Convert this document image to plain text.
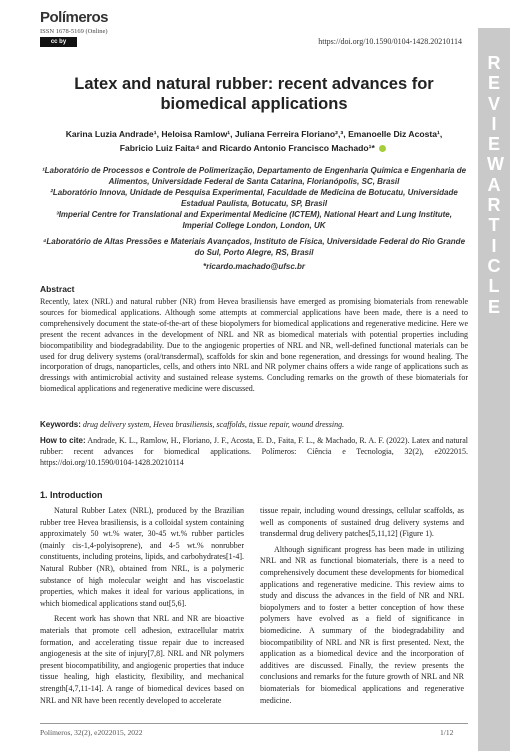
Polímeros
ISSN 1678-5169 (Online)
cc by	https://doi.org/10.1590/0104-1428.20210114
REVIEW ARTICLE
Latex and natural rubber: recent advances for biomedical applications
Karina Luzia Andrade¹, Heloisa Ramlow¹, Juliana Ferreira Floriano²,³, Emanoelle Diz Acosta¹,
Fabricio Luiz Faita⁴ and Ricardo Antonio Francisco Machado¹*
¹Laboratório de Processos e Controle de Polimerização, Departamento de Engenharia Química e Engenharia de Alimentos, Universidade Federal de Santa Catarina, Florianópolis, SC, Brasil
²Laboratório Innova, Unidade de Pesquisa Experimental, Faculdade de Medicina de Botucatu, Universidade Estadual Paulista, Botucatu, SP, Brasil
³Imperial Centre for Translational and Experimental Medicine (ICTEM), National Heart and Lung Institute, Imperial College London, London, UK
⁴Laboratório de Altas Pressões e Materiais Avançados, Instituto de Física, Universidade Federal do Rio Grande do Sul, Porto Alegre, RS, Brasil
*ricardo.machado@ufsc.br
Abstract
Recently, latex (NRL) and natural rubber (NR) from Hevea brasiliensis have emerged as promising biomaterials from renewable sources for biomedical applications. Although some attempts at commercial applications have been made, there is a need to comprehensively document the state-of-the-art of these biopolymers for biomedical applications and regenerative medicine. Here we present the recent advances in the development of NRL and NR as biomedical materials with potential properties including biocompatibility and biodegradability. Due to the angiogenic properties of NRL and NR, well-defined functional materials can be used for drug delivery systems (oral/transdermal), scaffolds for skin and bone regeneration, and dressings for wound healing. The incorporation of drugs, nanoparticles, cells, and others into NRL and NR polymer chains offers a wide range of applications such as dressings with antimicrobial activity and sustained release systems. Concluding remarks on the growth of these biomaterials for biomedical applications and regenerative medicine were discussed.
Keywords: drug delivery system, Hevea brasiliensis, scaffolds, tissue repair, wound dressing.
How to cite: Andrade, K. L., Ramlow, H., Floriano, J. F., Acosta, E. D., Faita, F. L., & Machado, R. A. F. (2022). Latex and natural rubber: recent advances for biomedical applications. Polímeros: Ciência e Tecnologia, 32(2), e2022015. https://doi.org/10.1590/0104-1428.20210114
1. Introduction

Natural Rubber Latex (NRL), produced by the Brazilian rubber tree Hevea brasiliensis, is a colloidal system containing approximately 50 wt.% water, 30-45 wt.% rubber particles (mainly cis-1,4-polyisoprene), and 4-5 wt.% nonrubber constituents, including proteins, lipids, and carbohydrates[1-4]. Natural Rubber (NR), obtained from NRL, is a polymeric substance of high molecular weight and has viscoelastic properties, which makes it ideal for various applications, in which biomedical applications stand out[5,6].

Recent work has shown that NRL and NR are bioactive materials that promote cell adhesion, extracellular matrix formation, and accelerating tissue repair due to increased angiogenesis at the site of injury[7,8]. NRL and NR polymers present biocompatibility, and angiogenic properties that induce tissue healing, high elasticity, flexibility, and mechanical strength[4,7,11-14]. A range of biomedical devices based on NRL and NR have been recently developed to accelerate

tissue repair, including wound dressings, cellular scaffolds, as well as components of sustained drug delivery systems and transdermal drug delivery patches[5,11,12] (Figure 1).

Although significant progress has been made in utilizing NRL and NR as functional biomaterials, there is a need to comprehensively document these developments for biomedical applications and regenerative medicine. This review aims to study and discuss the advances in the field of NR and NRL biopolymers and to foster a better conception of how these polymers have evolved as a field of significance in biomedicine. A summary of the biodegradability and biocompatibility of NRL and NR is first presented. Next, the application as a biomedical device and the incorporation of additives are discussed. Finally, the review presents the conclusions and remarks for the future growth of NRL and NR biomaterials for biomedical applications and regenerative medicine.

Polímeros, 32(2), e2022015, 2022	1/12
